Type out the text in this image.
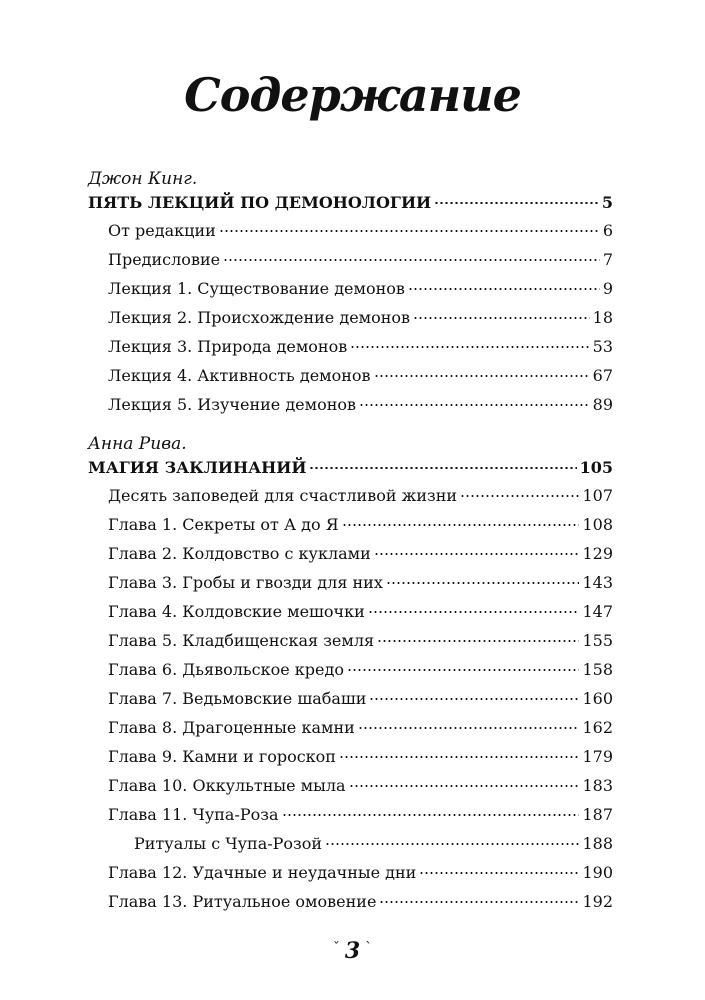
Содержание
Джон Кинг.
ПЯТЬ ЛЕКЦИЙ ПО ДЕМОНОЛОГИИ	5
От редакции	6
Предисловие	7
Лекция 1. Существование демонов	9
Лекция 2. Происхождение демонов	18
Лекция 3. Природа демонов	53
Лекция 4. Активность демонов	67
Лекция 5. Изучение демонов	89
Анна Рива.
МАГИЯ ЗАКЛИНАНИЙ	105
Десять заповедей для счастливой жизни	107
Глава 1. Секреты от А до Я	108
Глава 2. Колдовство с куклами	129
Глава 3. Гробы и гвозди для них	143
Глава 4. Колдовские мешочки	147
Глава 5. Кладбищенская земля	155
Глава 6. Дьявольское кредо	158
Глава 7. Ведьмовские шабаши	160
Глава 8. Драгоценные камни	162
Глава 9. Камни и гороскоп	179
Глава 10. Оккультные мыла	183
Глава 11. Чупа-Роза	187
Ритуалы с Чупа-Розой	188
Глава 12. Удачные и неудачные дни	190
Глава 13. Ритуальное омовение	192
$^ˇ$ 3 $^ˋ$
